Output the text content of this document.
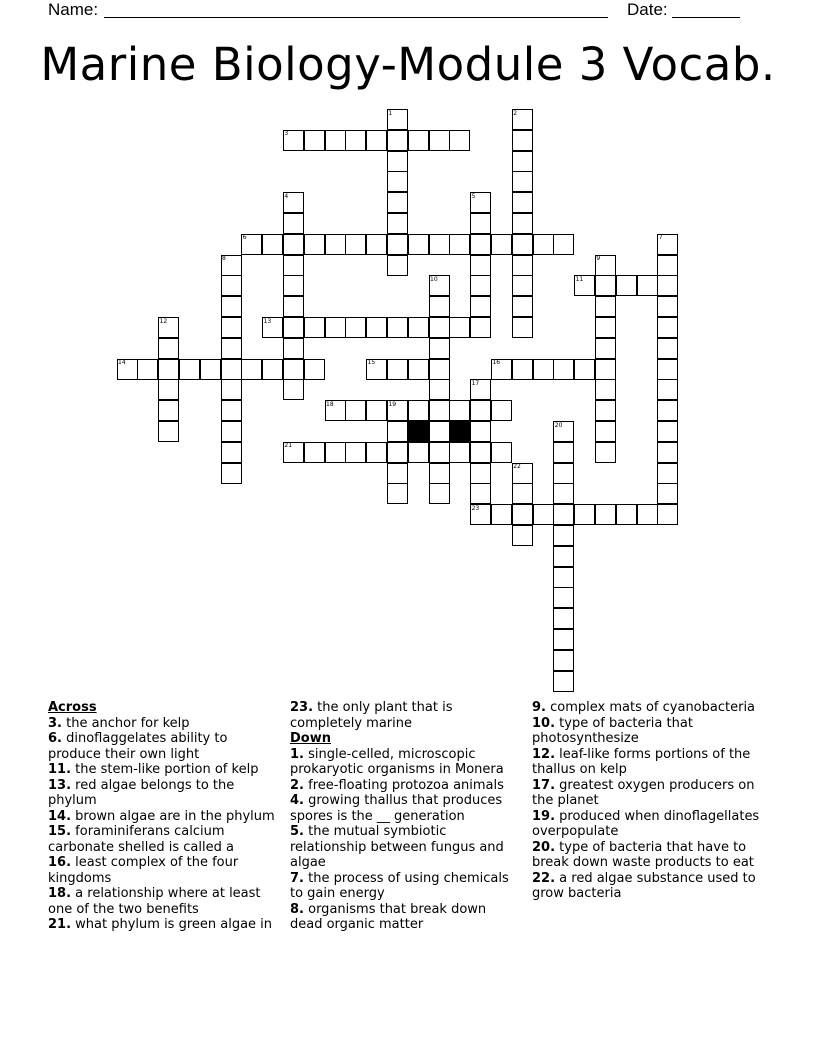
Name:	Date:
Marine Biology-Module 3 Vocab.
1	2
3
4	5
6	7
8	9
10	11
12	13
14	15	16
17
18	19
20
21
22
23
Across
3. the anchor for kelp
6. dinoflaggelates ability to produce their own light
11. the stem-like portion of kelp
13. red algae belongs to the phylum
14. brown algae are in the phylum
15. foraminiferans calcium carbonate shelled is called a
16. least complex of the four kingdoms
18. a relationship where at least one of the two benefits
21. what phylum is green algae in
23. the only plant that is completely marine
Down
1. single-celled, microscopic prokaryotic organisms in Monera
2. free-floating protozoa animals
4. growing thallus that produces spores is the __ generation
5. the mutual symbiotic relationship between fungus and algae
7. the process of using chemicals to gain energy
8. organisms that break down dead organic matter
9. complex mats of cyanobacteria
10. type of bacteria that photosynthesize
12. leaf-like forms portions of the thallus on kelp
17. greatest oxygen producers on the planet
19. produced when dinoflagellates overpopulate
20. type of bacteria that have to break down waste products to eat
22. a red algae substance used to grow bacteria
